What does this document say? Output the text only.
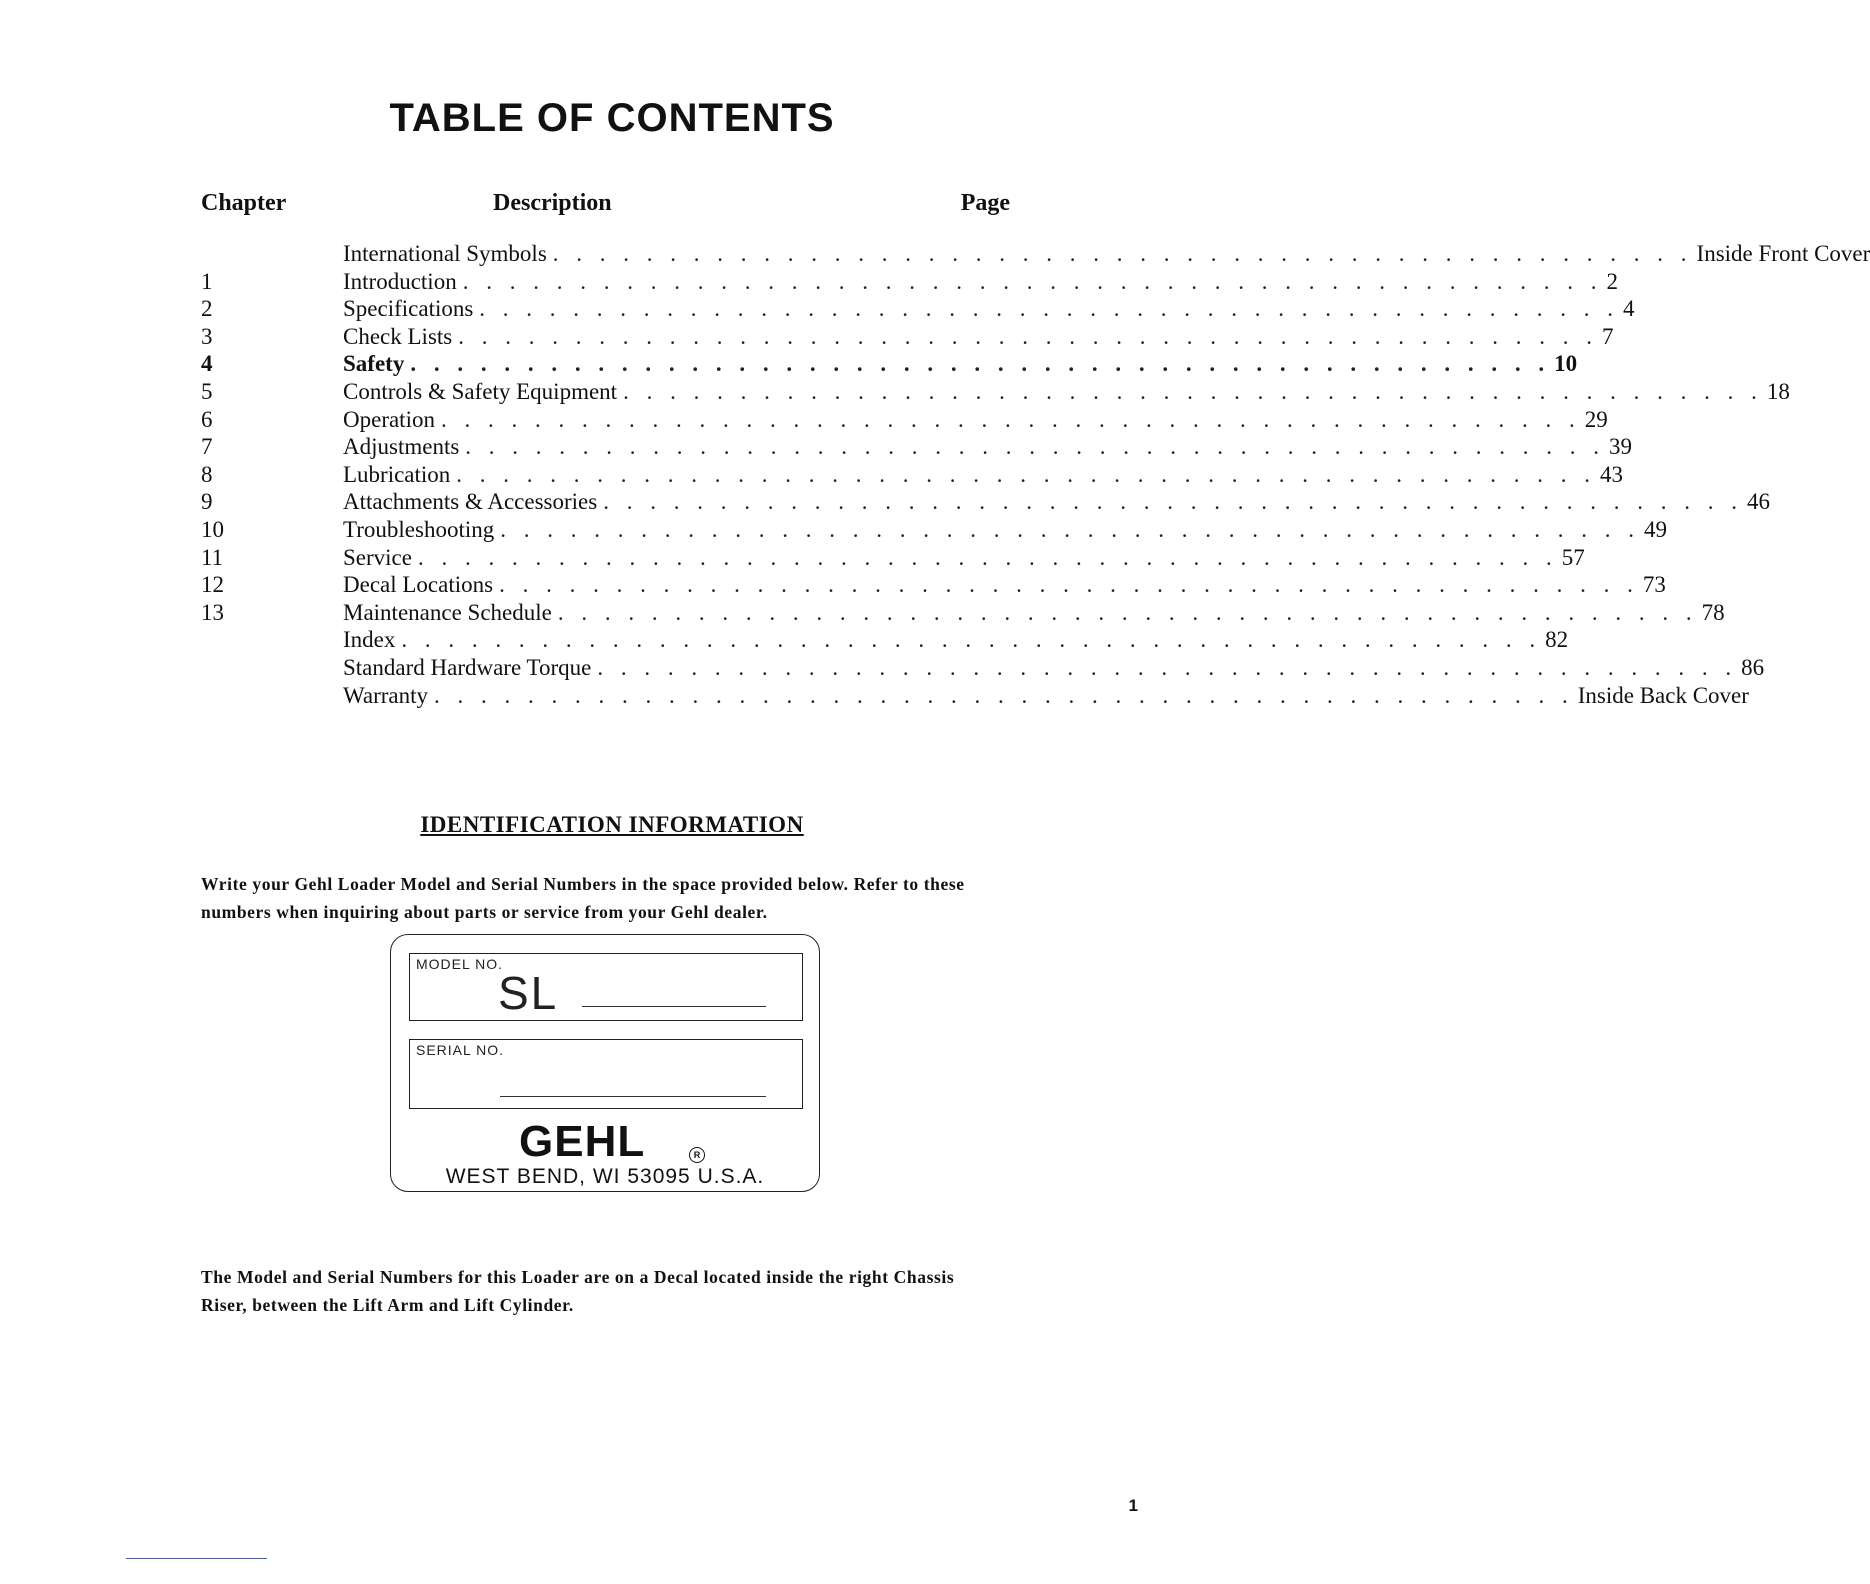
TABLE OF CONTENTS
Chapter	Description	Page
International Symbols . . . . . . . . . . . . . . . . . . . . . . . . . . . . . . . . . . . . . . . . . . . . . . . . . Inside Front Cover
1	Introduction . . . . . . . . . . . . . . . . . . . . . . . . . . . . . . . . . . . . . . . . . . . . . . . . . 2
2	Specifications . . . . . . . . . . . . . . . . . . . . . . . . . . . . . . . . . . . . . . . . . . . . . . . . . 4
3	Check Lists . . . . . . . . . . . . . . . . . . . . . . . . . . . . . . . . . . . . . . . . . . . . . . . . . 7
4	Safety . . . . . . . . . . . . . . . . . . . . . . . . . . . . . . . . . . . . . . . . . . . . . . . . . 10
5	Controls & Safety Equipment . . . . . . . . . . . . . . . . . . . . . . . . . . . . . . . . . . . . . . . . . . . . . . . . . 18
6	Operation . . . . . . . . . . . . . . . . . . . . . . . . . . . . . . . . . . . . . . . . . . . . . . . . . 29
7	Adjustments . . . . . . . . . . . . . . . . . . . . . . . . . . . . . . . . . . . . . . . . . . . . . . . . . 39
8	Lubrication . . . . . . . . . . . . . . . . . . . . . . . . . . . . . . . . . . . . . . . . . . . . . . . . . 43
9	Attachments & Accessories . . . . . . . . . . . . . . . . . . . . . . . . . . . . . . . . . . . . . . . . . . . . . . . . . 46
10	Troubleshooting . . . . . . . . . . . . . . . . . . . . . . . . . . . . . . . . . . . . . . . . . . . . . . . . . 49
11	Service . . . . . . . . . . . . . . . . . . . . . . . . . . . . . . . . . . . . . . . . . . . . . . . . . 57
12	Decal Locations . . . . . . . . . . . . . . . . . . . . . . . . . . . . . . . . . . . . . . . . . . . . . . . . . 73
13	Maintenance Schedule . . . . . . . . . . . . . . . . . . . . . . . . . . . . . . . . . . . . . . . . . . . . . . . . . 78
Index . . . . . . . . . . . . . . . . . . . . . . . . . . . . . . . . . . . . . . . . . . . . . . . . . 82
Standard Hardware Torque . . . . . . . . . . . . . . . . . . . . . . . . . . . . . . . . . . . . . . . . . . . . . . . . . 86
Warranty . . . . . . . . . . . . . . . . . . . . . . . . . . . . . . . . . . . . . . . . . . . . . . . . . Inside Back Cover
IDENTIFICATION INFORMATION
Write your Gehl Loader Model and Serial Numbers in the space provided below. Refer to these numbers when inquiring about parts or service from your Gehl dealer.
MODEL NO.
SL
SERIAL NO.
GEHL	R
WEST BEND, WI 53095 U.S.A.
The Model and Serial Numbers for this Loader are on a Decal located inside the right Chassis Riser, between the Lift Arm and Lift Cylinder.
1
